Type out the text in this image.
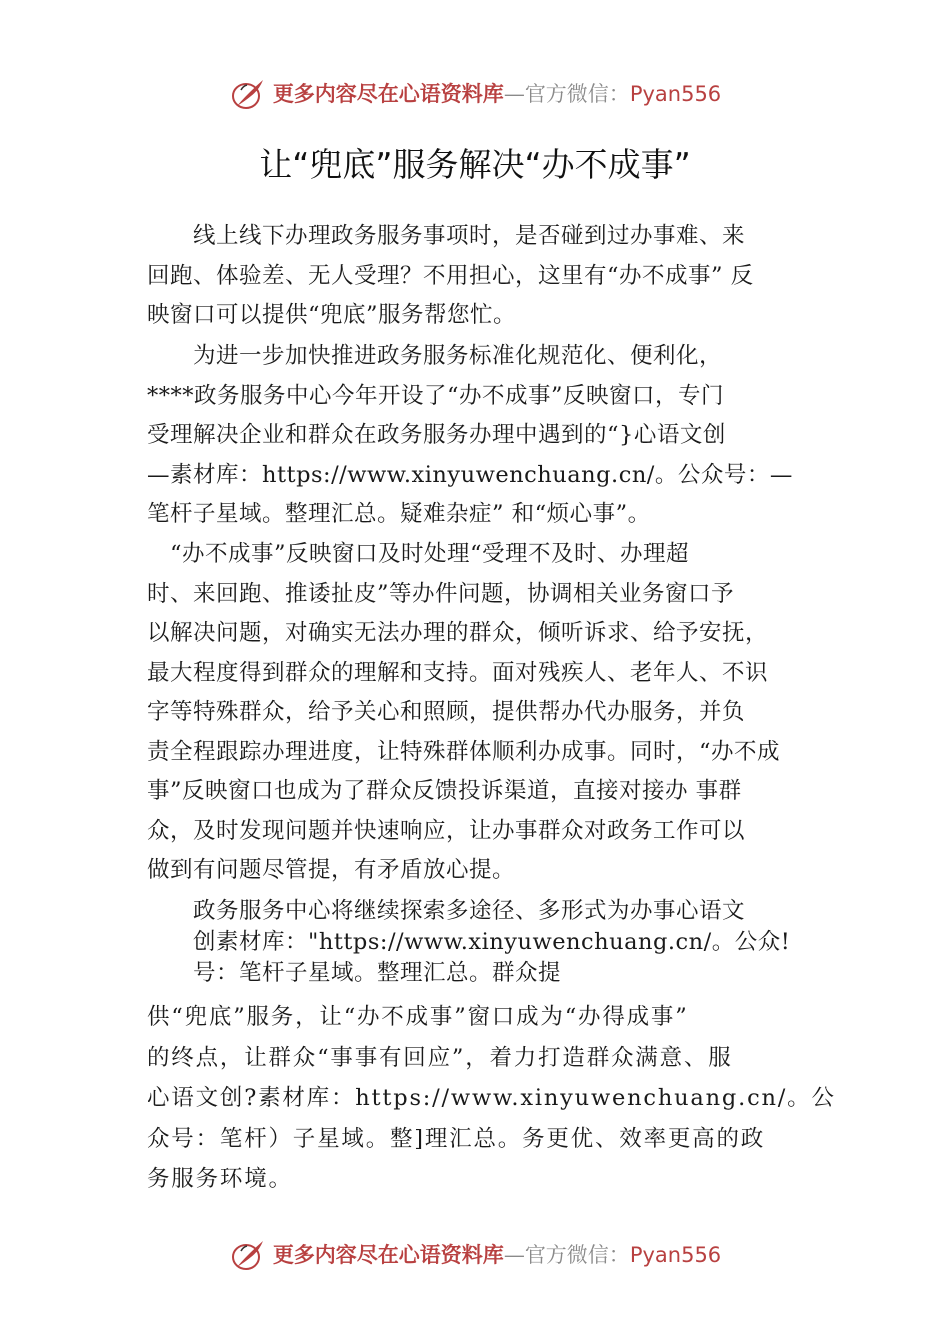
更多内容尽在心语资料库 — 官方微信： Pyan556
让“兜底”服务解决“办不成事”
　　线上线下办理政务服务事项时，是否碰到过办事难、来
回跑、体验差、无人受理？不用担心，这里有“办不成事” 反
映窗口可以提供“兜底”服务帮您忙。
　　为进一步加快推进政务服务标准化规范化、便利化，
****政务服务中心今年开设了“办不成事”反映窗口，专门
受理解决企业和群众在政务服务办理中遇到的“}心语文创
—素材库：https://www.xinyuwenchuang.cn/。公众号：—
笔杆子星域。整理汇总。疑难杂症” 和“烦心事”。
　“办不成事”反映窗口及时处理“受理不及时、办理超
时、来回跑、推诿扯皮”等办件问题，协调相关业务窗口予
以解决问题，对确实无法办理的群众，倾听诉求、给予安抚，
最大程度得到群众的理解和支持。面对残疾人、老年人、不识
字等特殊群众，给予关心和照顾，提供帮办代办服务，并负
责全程跟踪办理进度，让特殊群体顺利办成事。同时，“办不成
事”反映窗口也成为了群众反馈投诉渠道，直接对接办 事群
众，及时发现问题并快速响应，让办事群众对政务工作可以
做到有问题尽管提，有矛盾放心提。
　　政务服务中心将继续探索多途径、多形式为办事心语文
　　创素材库："https://www.xinyuwenchuang.cn/。公众!
　　号：笔杆子星域。整理汇总。群众提
供“兜底”服务，让“办不成事”窗口成为“办得成事”
的终点，让群众“事事有回应”，着力打造群众满意、服
心语文创?素材库：https://www.xinyuwenchuang.cn/。公
众号：笔杆）子星域。整]理汇总。务更优、效率更高的政
务服务环境。
更多内容尽在心语资料库 — 官方微信： Pyan556
